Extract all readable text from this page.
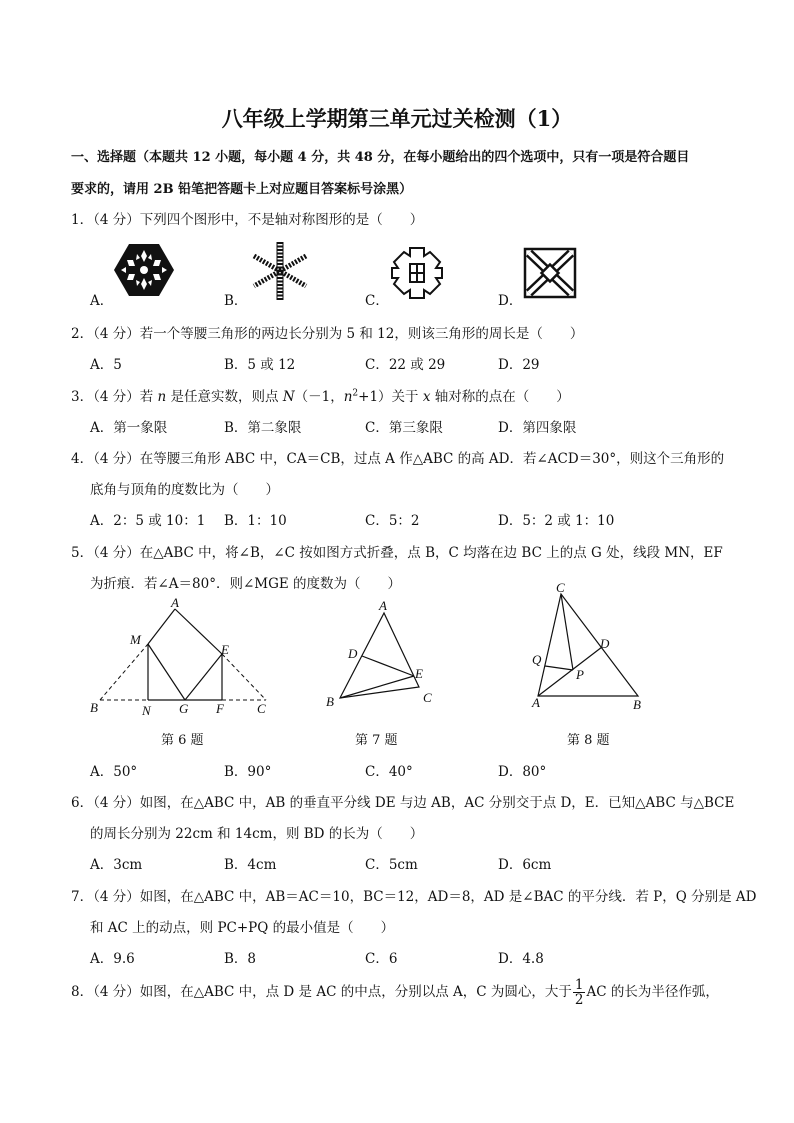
八年级上学期第三单元过关检测（1）
一、选择题（本题共 12 小题，每小题 4 分，共 48 分，在每小题给出的四个选项中，只有一项是符合题目
要求的，请用 2B 铅笔把答题卡上对应题目答案标号涂黑）
1．（4 分）下列四个图形中，不是轴对称图形的是（　　）
A．	B．	C．	D．
2．（4 分）若一个等腰三角形的两边长分别为 5 和 12，则该三角形的周长是（　　）
A．5	B．5 或 12	C．22 或 29	D．29
3．（4 分）若 n 是任意实数，则点 N（－1，$n^2+1$）关于 x 轴对称的点在（　　）
A．第一象限	B．第二象限	C．第三象限	D．第四象限
4．（4 分）在等腰三角形 ABC 中，CA＝CB，过点 A 作△ABC 的高 AD．若∠ACD＝30°，则这个三角形的
底角与顶角的度数比为（　　）
A．2：5 或 10：1 B．1：10	C．5：2	D．5：2 或 1：10
5．（4 分）在△ABC 中，将∠B，∠C 按如图方式折叠，点 B，C 均落在边 BC 上的点 G 处，线段 MN，EF
为折痕．若∠A＝80°．则∠MGE 的度数为（　　）
A
M
E
B	N G F	C
第 6 题
A
D
E
B	C
第 7 题
C
D
Q
P
A	B
第 8 题
A．50°	B．90°	C．40°	D．80°
6．（4 分）如图，在△ABC 中，AB 的垂直平分线 DE 与边 AB，AC 分别交于点 D，E．已知△ABC 与△BCE
的周长分别为 22cm 和 14cm，则 BD 的长为（　　）
A．3cm	B．4cm	C．5cm	D．6cm
7．（4 分）如图，在△ABC 中，AB＝AC＝10，BC＝12，AD＝8，AD 是∠BAC 的平分线．若 P，Q 分别是 AD
和 AC 上的动点，则 PC+PQ 的最小值是（　　）
A．9.6	B．8	C．6	D．4.8
8．（4 分）如图，在△ABC 中，点 D 是 AC 的中点，分别以点 A，C 为圆心，大于 $\frac{1}{2}$ AC 的长为半径作弧，
